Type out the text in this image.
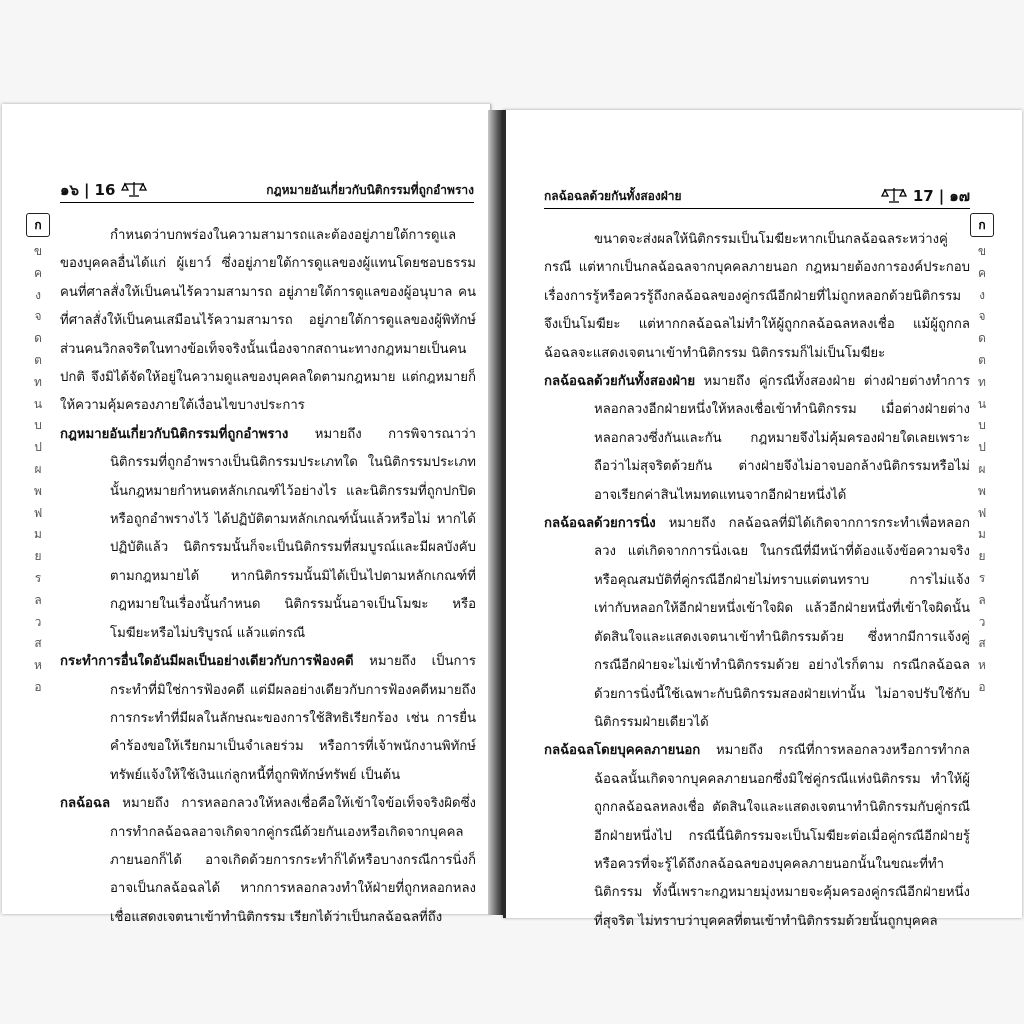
๑๖ | 16	กฎหมายอันเกี่ยวกับนิติกรรมที่ถูกอำพราง

กำหนดว่าบกพร่องในความสามารถและต้องอยู่ภายใต้การดูแลของบุคคลอื่นได้แก่ ผู้เยาว์ ซึ่งอยู่ภายใต้การดูแลของผู้แทนโดยชอบธรรม คนที่ศาลสั่งให้เป็นคนไร้ความสามารถ อยู่ภายใต้การดูแลของผู้อนุบาล คนที่ศาลสั่งให้เป็นคนเสมือนไร้ความสามารถ อยู่ภายใต้การดูแลของผู้พิทักษ์ ส่วนคนวิกลจริตในทางข้อเท็จจริงนั้นเนื่องจากสถานะทางกฎหมายเป็นคนปกติ จึงมิได้จัดให้อยู่ในความดูแลของบุคคลใดตามกฎหมาย แต่กฎหมายก็ให้ความคุ้มครองภายใต้เงื่อนไขบางประการ

กฎหมายอันเกี่ยวกับนิติกรรมที่ถูกอำพราง หมายถึง การพิจารณาว่านิติกรรมที่ถูกอำพรางเป็นนิติกรรมประเภทใด ในนิติกรรมประเภทนั้นกฎหมายกำหนดหลักเกณฑ์ไว้อย่างไร และนิติกรรมที่ถูกปกปิดหรือถูกอำพรางไว้ ได้ปฏิบัติตามหลักเกณฑ์นั้นแล้วหรือไม่ หากได้ปฏิบัติแล้ว นิติกรรมนั้นก็จะเป็นนิติกรรมที่สมบูรณ์และมีผลบังคับตามกฎหมายได้ หากนิติกรรมนั้นมิได้เป็นไปตามหลักเกณฑ์ที่กฎหมายในเรื่องนั้นกำหนด นิติกรรมนั้นอาจเป็นโมฆะ หรือโมฆียะหรือไม่บริบูรณ์ แล้วแต่กรณี

กระทำการอื่นใดอันมีผลเป็นอย่างเดียวกับการฟ้องคดี หมายถึง เป็นการกระทำที่มิใช่การฟ้องคดี แต่มีผลอย่างเดียวกับการฟ้องคดีหมายถึงการกระทำที่มีผลในลักษณะของการใช้สิทธิเรียกร้อง เช่น การยื่นคำร้องขอให้เรียกมาเป็นจำเลยร่วม หรือการที่เจ้าพนักงานพิทักษ์ทรัพย์แจ้งให้ใช้เงินแก่ลูกหนี้ที่ถูกพิทักษ์ทรัพย์ เป็นต้น

กลฉ้อฉล หมายถึง การหลอกลวงให้หลงเชื่อคือให้เข้าใจข้อเท็จจริงผิดซึ่งการทำกลฉ้อฉลอาจเกิดจากคู่กรณีด้วยกันเองหรือเกิดจากบุคคลภายนอกก็ได้ อาจเกิดด้วยการกระทำก็ได้หรือบางกรณีการนิ่งก็อาจเป็นกลฉ้อฉลได้ หากการหลอกลวงทำให้ฝ่ายที่ถูกหลอกหลงเชื่อแสดงเจตนาเข้าทำนิติกรรม เรียกได้ว่าเป็นกลฉ้อฉลที่ถึง

กลฉ้อฉลด้วยกันทั้งสองฝ่าย	17 | ๑๗

ขนาดจะส่งผลให้นิติกรรมเป็นโมฆียะหากเป็นกลฉ้อฉลระหว่างคู่กรณี แต่หากเป็นกลฉ้อฉลจากบุคคลภายนอก กฎหมายต้องการองค์ประกอบ เรื่องการรู้หรือควรรู้ถึงกลฉ้อฉลของคู่กรณีอีกฝ่ายที่ไม่ถูกหลอกด้วยนิติกรรมจึงเป็นโมฆียะ แต่หากกลฉ้อฉลไม่ทำให้ผู้ถูกกลฉ้อฉลหลงเชื่อ แม้ผู้ถูกกลฉ้อฉลจะแสดงเจตนาเข้าทำนิติกรรม นิติกรรมก็ไม่เป็นโมฆียะ

กลฉ้อฉลด้วยกันทั้งสองฝ่าย หมายถึง คู่กรณีทั้งสองฝ่าย ต่างฝ่ายต่างทำการหลอกลวงอีกฝ่ายหนึ่งให้หลงเชื่อเข้าทำนิติกรรม เมื่อต่างฝ่ายต่างหลอกลวงซึ่งกันและกัน กฎหมายจึงไม่คุ้มครองฝ่ายใดเลยเพราะถือว่าไม่สุจริตด้วยกัน ต่างฝ่ายจึงไม่อาจบอกล้างนิติกรรมหรือไม่อาจเรียกค่าสินไหมทดแทนจากอีกฝ่ายหนึ่งได้

กลฉ้อฉลด้วยการนิ่ง หมายถึง กลฉ้อฉลที่มิได้เกิดจากการกระทำเพื่อหลอกลวง แต่เกิดจากการนิ่งเฉย ในกรณีที่มีหน้าที่ต้องแจ้งข้อความจริงหรือคุณสมบัติที่คู่กรณีอีกฝ่ายไม่ทราบแต่ตนทราบ การไม่แจ้งเท่ากับหลอกให้อีกฝ่ายหนึ่งเข้าใจผิด แล้วอีกฝ่ายหนึ่งที่เข้าใจผิดนั้นตัดสินใจและแสดงเจตนาเข้าทำนิติกรรมด้วย ซึ่งหากมีการแจ้งคู่กรณีอีกฝ่ายจะไม่เข้าทำนิติกรรมด้วย อย่างไรก็ตาม กรณีกลฉ้อฉลด้วยการนิ่งนี้ใช้เฉพาะกับนิติกรรมสองฝ่ายเท่านั้น ไม่อาจปรับใช้กับนิติกรรมฝ่ายเดียวได้

กลฉ้อฉลโดยบุคคลภายนอก หมายถึง กรณีที่การหลอกลวงหรือการทำกลฉ้อฉลนั้นเกิดจากบุคคลภายนอกซึ่งมิใช่คู่กรณีแห่งนิติกรรม ทำให้ผู้ถูกกลฉ้อฉลหลงเชื่อ ตัดสินใจและแสดงเจตนาทำนิติกรรมกับคู่กรณีอีกฝ่ายหนึ่งไป กรณีนี้นิติกรรมจะเป็นโมฆียะต่อเมื่อคู่กรณีอีกฝ่ายรู้หรือควรที่จะรู้ได้ถึงกลฉ้อฉลของบุคคลภายนอกนั้นในขณะที่ทำนิติกรรม ทั้งนี้เพราะกฎหมายมุ่งหมายจะคุ้มครองคู่กรณีอีกฝ่ายหนึ่งที่สุจริต ไม่ทราบว่าบุคคลที่ตนเข้าทำนิติกรรมด้วยนั้นถูกบุคคล

ก
ข
ค
ง
จ
ด
ต
ท
น
บ
ป
ผ
พ
ฟ
ม
ย
ร
ล
ว
ส
ห
อ
ก
ข
ค
ง
จ
ด
ต
ท
น
บ
ป
ผ
พ
ฟ
ม
ย
ร
ล
ว
ส
ห
อ
